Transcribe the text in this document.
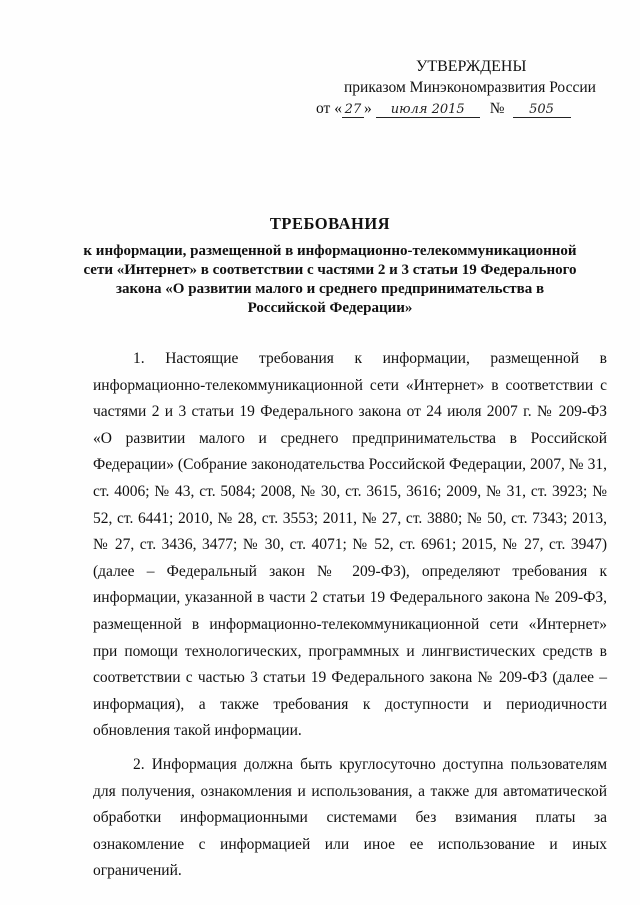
УТВЕРЖДЕНЫ
приказом Минэкономразвития России
от « 27 »	июля 2015	№	505
ТРЕБОВАНИЯ
к информации, размещенной в информационно-телекоммуникационной сети «Интернет» в соответствии с частями 2 и 3 статьи 19 Федерального закона «О развитии малого и среднего предпринимательства в Российской Федерации»

1. Настоящие требования к информации, размещенной в информационно-телекоммуникационной сети «Интернет» в соответствии с частями 2 и 3 статьи 19 Федерального закона от 24 июля 2007 г. № 209-ФЗ «О развитии малого и среднего предпринимательства в Российской Федерации» (Собрание законодательства Российской Федерации, 2007, № 31, ст. 4006; № 43, ст. 5084; 2008, № 30, ст. 3615, 3616; 2009, № 31, ст. 3923; № 52, ст. 6441; 2010, № 28, ст. 3553; 2011, № 27, ст. 3880; № 50, ст. 7343; 2013, № 27, ст. 3436, 3477; № 30, ст. 4071; № 52, ст. 6961; 2015, № 27, ст. 3947) (далее – Федеральный закон № 209-ФЗ), определяют требования к информации, указанной в части 2 статьи 19 Федерального закона № 209-ФЗ, размещенной в информационно-телекоммуникационной сети «Интернет» при помощи технологических, программных и лингвистических средств в соответствии с частью 3 статьи 19 Федерального закона № 209-ФЗ (далее – информация), а также требования к доступности и периодичности обновления такой информации.

2. Информация должна быть круглосуточно доступна пользователям для получения, ознакомления и использования, а также для автоматической обработки информационными системами без взимания платы за ознакомление с информацией или иное ее использование и иных ограничений.
